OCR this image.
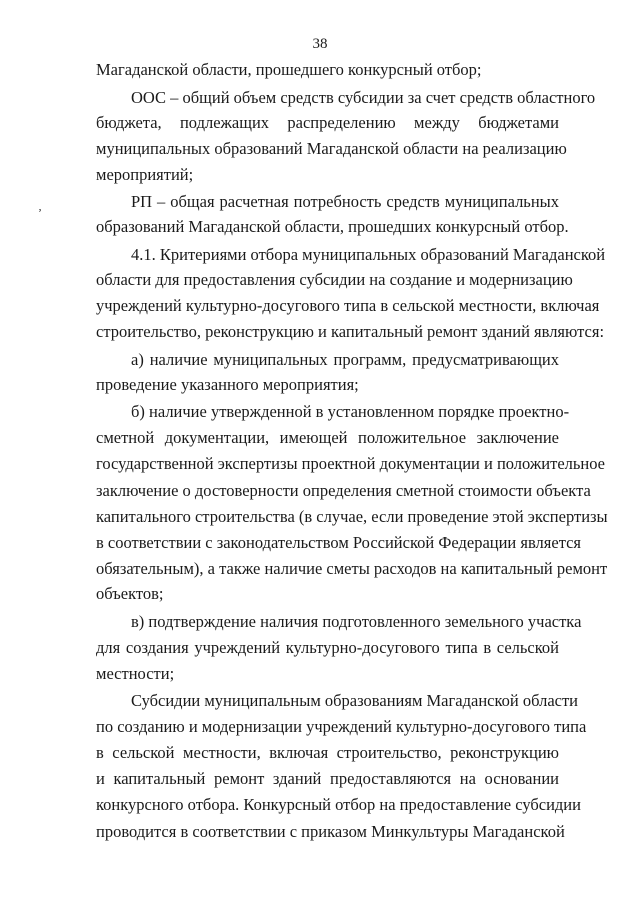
38
ʼ
Магаданской области, прошедшего конкурсный отбор;
ООС – общий объем средств субсидии за счет средств областного
бюджета, подлежащих распределению между бюджетами
муниципальных образований Магаданской области на реализацию
мероприятий;
РП – общая расчетная потребность средств муниципальных
образований Магаданской области, прошедших конкурсный отбор.
4.1. Критериями отбора муниципальных образований Магаданской
области для предоставления субсидии на создание и модернизацию
учреждений культурно-досугового типа в сельской местности, включая
строительство, реконструкцию и капитальный ремонт зданий являются:
а) наличие муниципальных программ, предусматривающих
проведение указанного мероприятия;
б) наличие утвержденной в установленном порядке проектно-
сметной документации, имеющей положительное заключение
государственной экспертизы проектной документации и положительное
заключение о достоверности определения сметной стоимости объекта
капитального строительства (в случае, если проведение этой экспертизы
в соответствии с законодательством Российской Федерации является
обязательным), а также наличие сметы расходов на капитальный ремонт
объектов;
в) подтверждение наличия подготовленного земельного участка
для создания учреждений культурно-досугового типа в сельской
местности;
Субсидии муниципальным образованиям Магаданской области
по созданию и модернизации учреждений культурно-досугового типа
в сельской местности, включая строительство, реконструкцию
и капитальный ремонт зданий предоставляются на основании
конкурсного отбора. Конкурсный отбор на предоставление субсидии
проводится в соответствии с приказом Минкультуры Магаданской
